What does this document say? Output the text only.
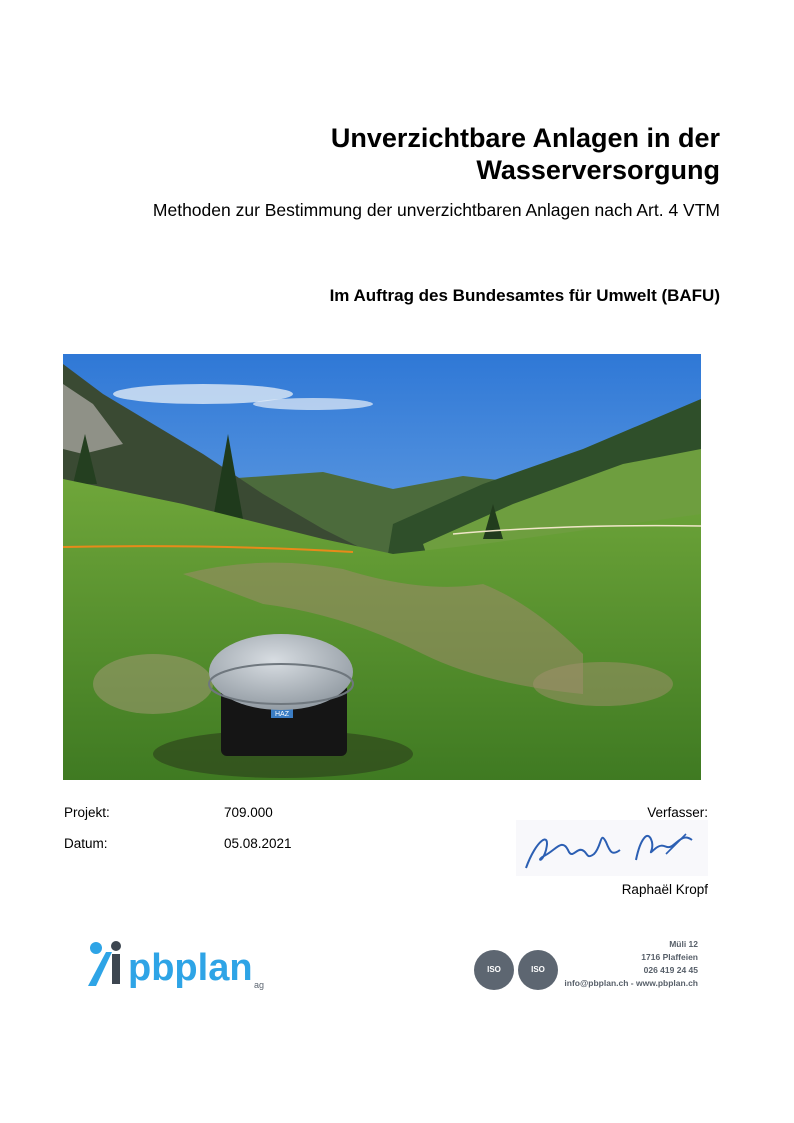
Unverzichtbare Anlagen in der Wasserversorgung
Methoden zur Bestimmung der unverzichtbaren Anlagen nach Art. 4 VTM
Im Auftrag des Bundesamtes für Umwelt (BAFU)
HAZ
Projekt:	709.000
Datum:	05.08.2021
Verfasser:
Raphaël Kropf
pbplan ag
ISO	ISO
Müli 12
1716 Plaffeien
026 419 24 45
info@pbplan.ch - www.pbplan.ch
